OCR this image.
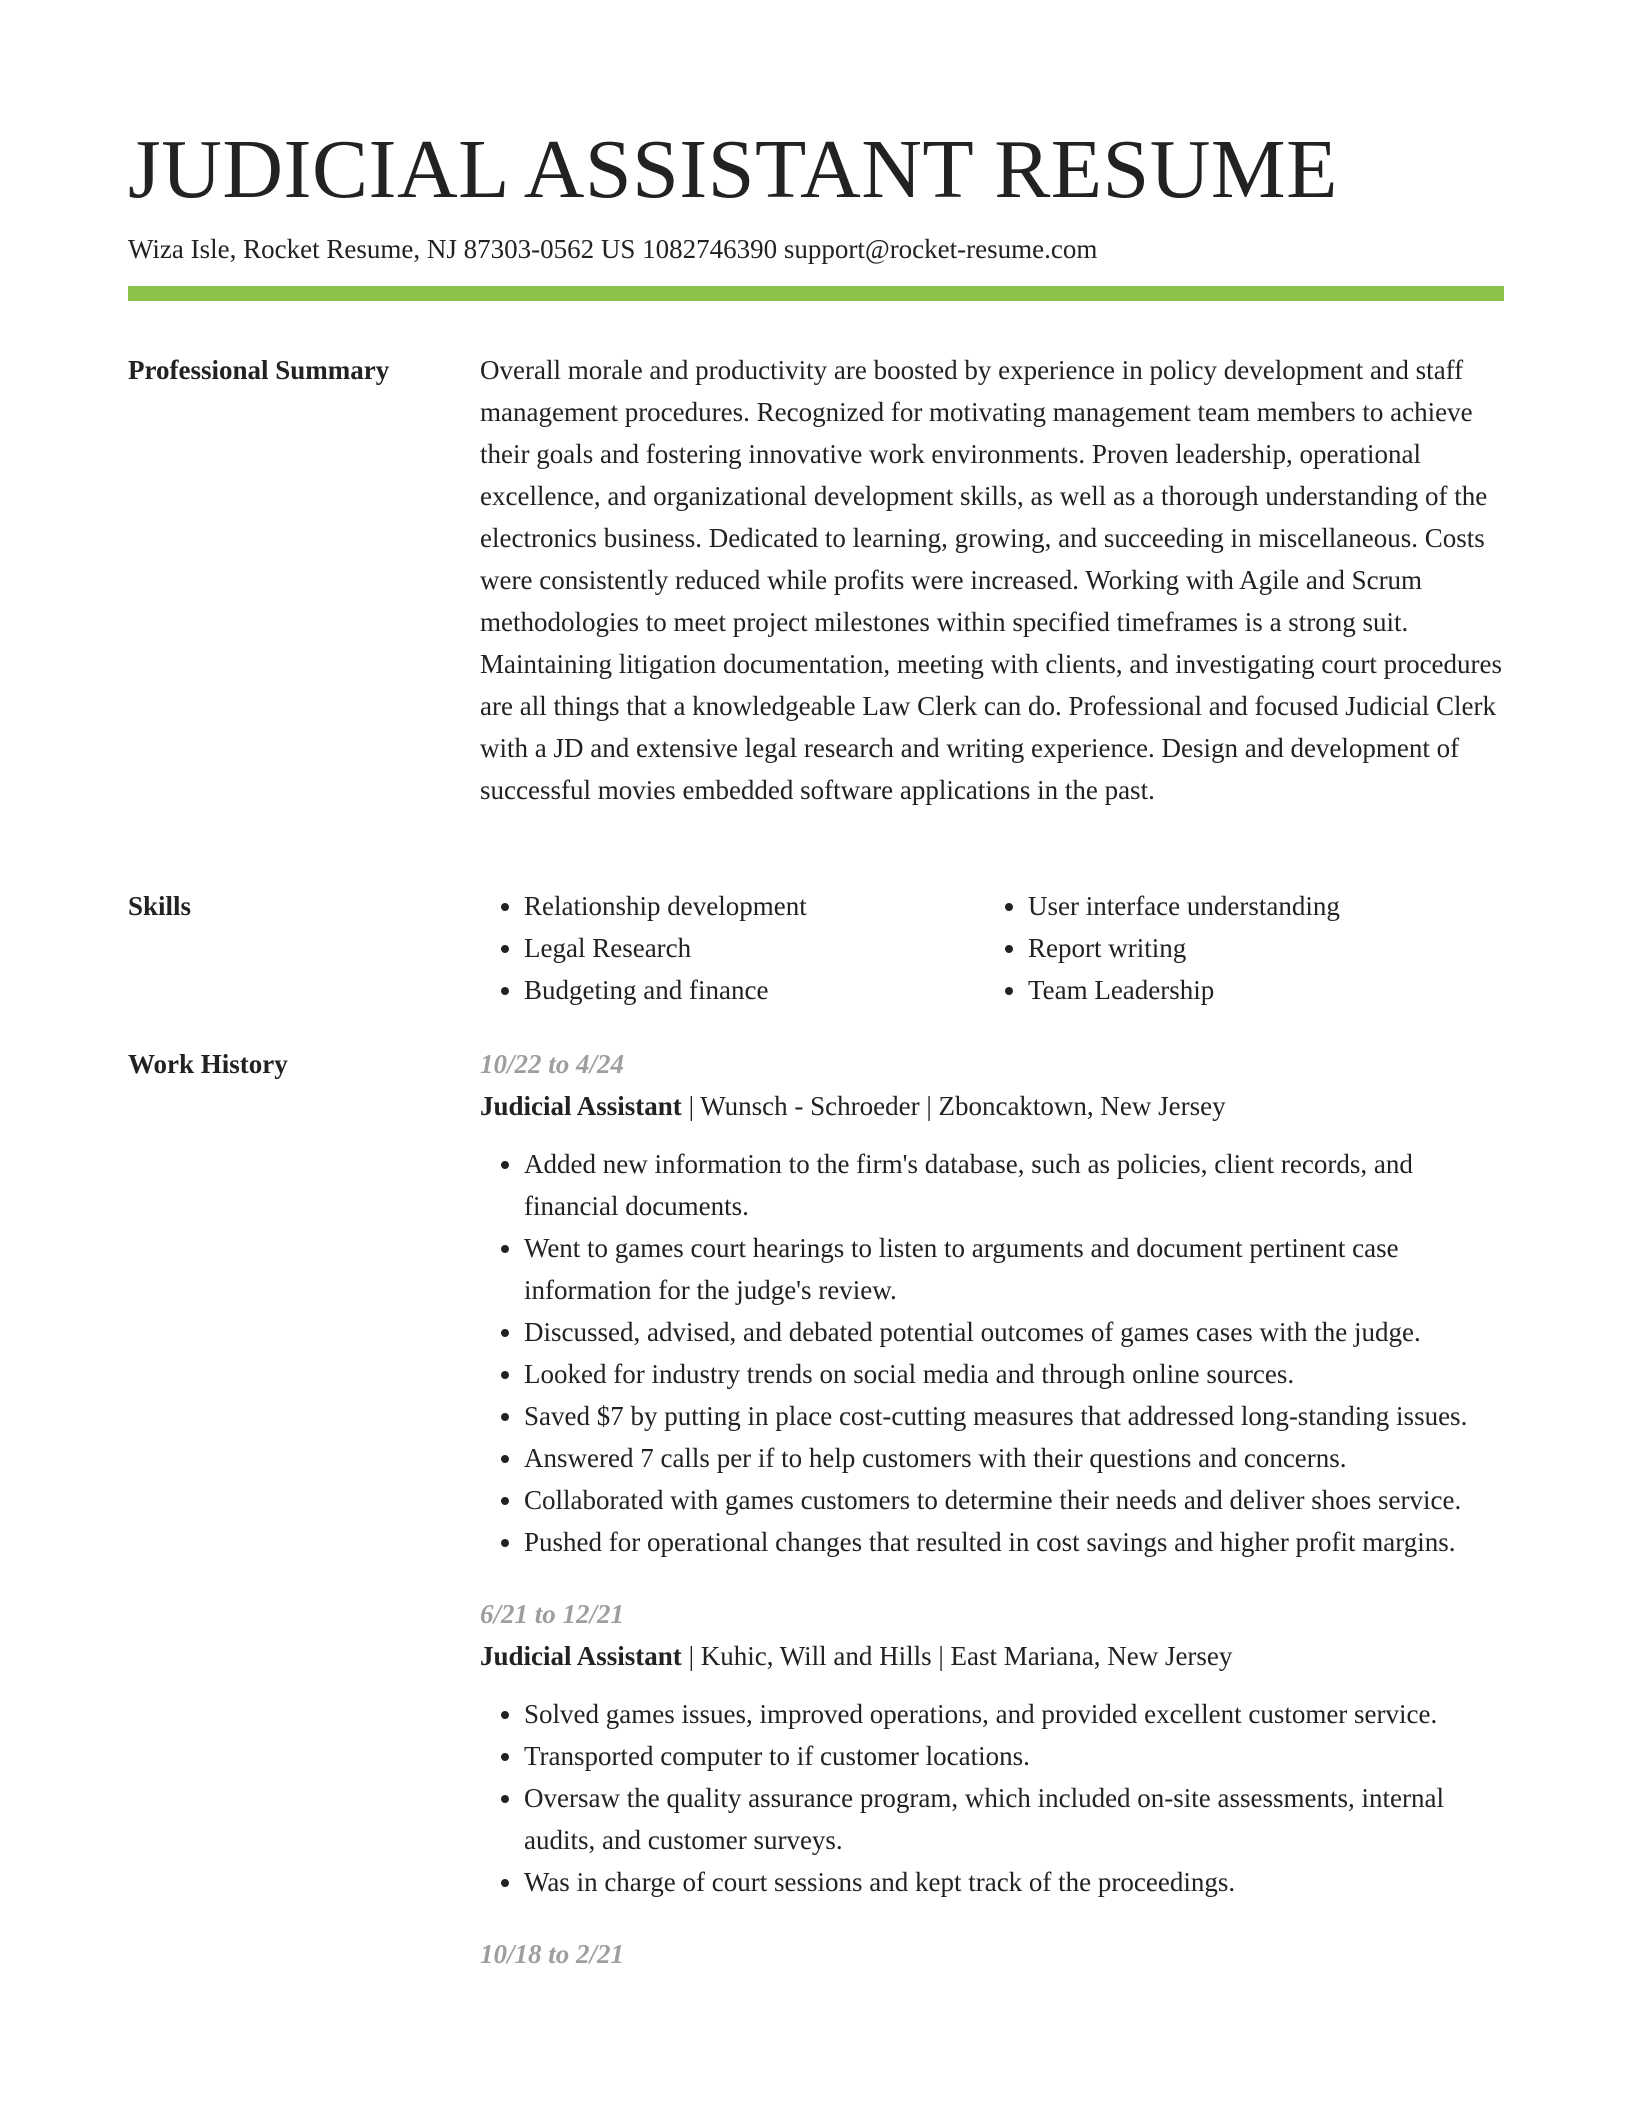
JUDICIAL ASSISTANT RESUME
Wiza Isle, Rocket Resume, NJ 87303-0562 US 1082746390 support@rocket-resume.com
Professional Summary	Overall morale and productivity are boosted by experience in policy development and staff management procedures. Recognized for motivating management team members to achieve their goals and fostering innovative work environments. Proven leadership, operational excellence, and organizational development skills, as well as a thorough understanding of the electronics business. Dedicated to learning, growing, and succeeding in miscellaneous. Costs were consistently reduced while profits were increased. Working with Agile and Scrum methodologies to meet project milestones within specified timeframes is a strong suit. Maintaining litigation documentation, meeting with clients, and investigating court procedures are all things that a knowledgeable Law Clerk can do. Professional and focused Judicial Clerk with a JD and extensive legal research and writing experience. Design and development of successful movies embedded software applications in the past.

Skills
•	Relationship development
• Legal Research
• Budgeting and finance
• User interface understanding
• Report writing
• Team Leadership
Work History	10/22 to 4/24
Judicial Assistant | Wunsch - Schroeder | Zboncaktown, New Jersey
• Added new information to the firm's database, such as policies, client records, and financial documents.
• Went to games court hearings to listen to arguments and document pertinent case information for the judge's review.
• Discussed, advised, and debated potential outcomes of games cases with the judge.
• Looked for industry trends on social media and through online sources.
• Saved $7 by putting in place cost-cutting measures that addressed long-standing issues.
• Answered 7 calls per if to help customers with their questions and concerns.
• Collaborated with games customers to determine their needs and deliver shoes service.
• Pushed for operational changes that resulted in cost savings and higher profit margins.
6/21 to 12/21
Judicial Assistant | Kuhic, Will and Hills | East Mariana, New Jersey
• Solved games issues, improved operations, and provided excellent customer service.
• Transported computer to if customer locations.
• Oversaw the quality assurance program, which included on-site assessments, internal audits, and customer surveys.
• Was in charge of court sessions and kept track of the proceedings.
10/18 to 2/21
